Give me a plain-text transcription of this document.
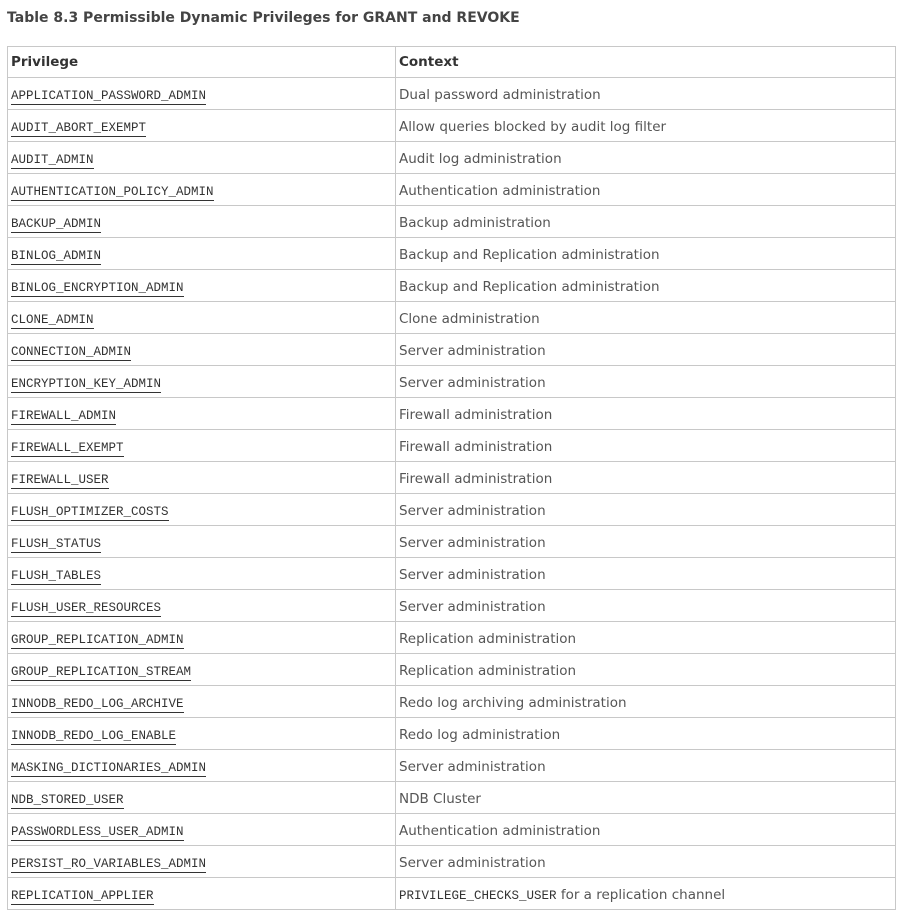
Table 8.3 Permissible Dynamic Privileges for GRANT and REVOKE

Privilege	Context
APPLICATION_PASSWORD_ADMIN	Dual password administration
AUDIT_ABORT_EXEMPT	Allow queries blocked by audit log filter
AUDIT_ADMIN	Audit log administration
AUTHENTICATION_POLICY_ADMIN	Authentication administration
BACKUP_ADMIN	Backup administration
BINLOG_ADMIN	Backup and Replication administration
BINLOG_ENCRYPTION_ADMIN	Backup and Replication administration
CLONE_ADMIN	Clone administration
CONNECTION_ADMIN	Server administration
ENCRYPTION_KEY_ADMIN	Server administration
FIREWALL_ADMIN	Firewall administration
FIREWALL_EXEMPT	Firewall administration
FIREWALL_USER	Firewall administration
FLUSH_OPTIMIZER_COSTS	Server administration
FLUSH_STATUS	Server administration
FLUSH_TABLES	Server administration
FLUSH_USER_RESOURCES	Server administration
GROUP_REPLICATION_ADMIN	Replication administration
GROUP_REPLICATION_STREAM	Replication administration
INNODB_REDO_LOG_ARCHIVE	Redo log archiving administration
INNODB_REDO_LOG_ENABLE	Redo log administration
MASKING_DICTIONARIES_ADMIN	Server administration
NDB_STORED_USER	NDB Cluster
PASSWORDLESS_USER_ADMIN	Authentication administration
PERSIST_RO_VARIABLES_ADMIN	Server administration
REPLICATION_APPLIER	PRIVILEGE_CHECKS_USER for a replication channel
